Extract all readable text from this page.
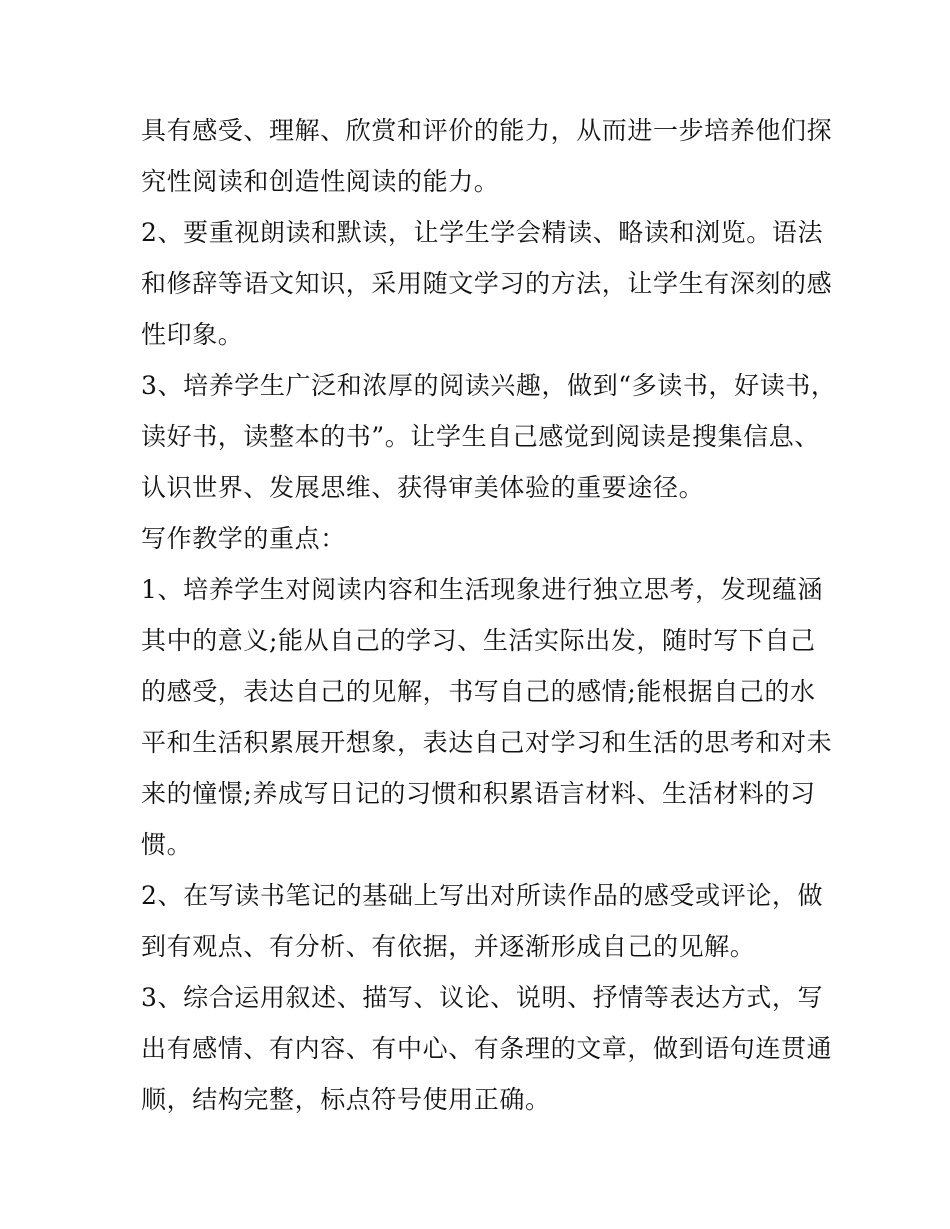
具有感受、理解、欣赏和评价的能力，从而进一步培养他们探
究性阅读和创造性阅读的能力。

2、要重视朗读和默读，让学生学会精读、略读和浏览。语法
和修辞等语文知识，采用随文学习的方法，让学生有深刻的感
性印象。

3、培养学生广泛和浓厚的阅读兴趣，做到“多读书，好读书，
读好书，读整本的书”。让学生自己感觉到阅读是搜集信息、
认识世界、发展思维、获得审美体验的重要途径。

写作教学的重点：

1、培养学生对阅读内容和生活现象进行独立思考，发现蕴涵
其中的意义;能从自己的学习、生活实际出发，随时写下自己
的感受，表达自己的见解，书写自己的感情;能根据自己的水
平和生活积累展开想象，表达自己对学习和生活的思考和对未
来的憧憬;养成写日记的习惯和积累语言材料、生活材料的习
惯。

2、在写读书笔记的基础上写出对所读作品的感受或评论，做
到有观点、有分析、有依据，并逐渐形成自己的见解。

3、综合运用叙述、描写、议论、说明、抒情等表达方式，写
出有感情、有内容、有中心、有条理的文章，做到语句连贯通
顺，结构完整，标点符号使用正确。
